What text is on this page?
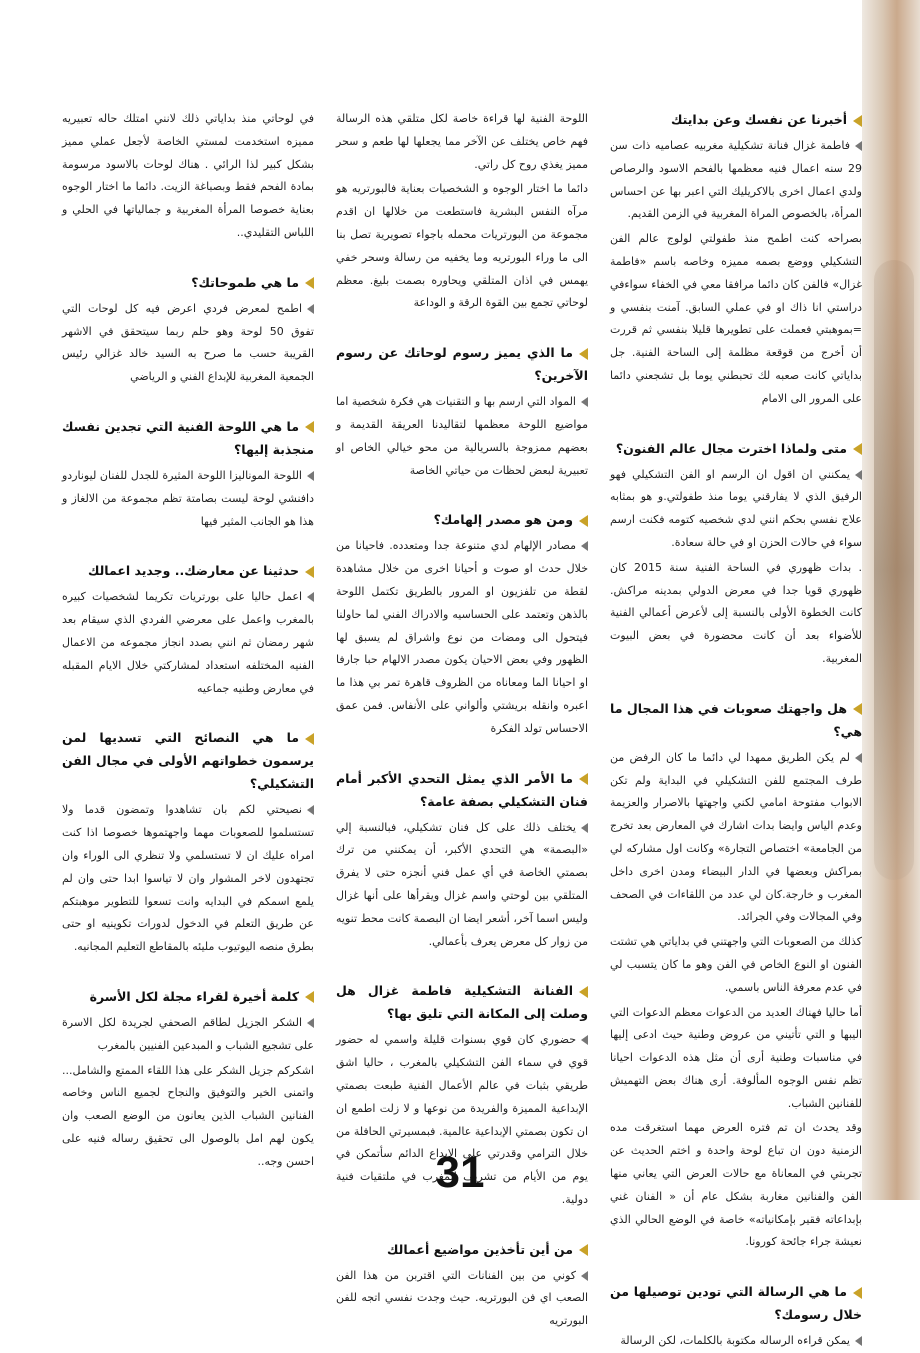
أخبرنا عن نفسك وعن بدايتك

فاطمة غزال فنانة تشكيلية مغربيه عصاميه ذات سن 29 سنه اعمال فنيه معظمها بالفحم الاسود والرصاص ولدي اعمال اخرى بالاكريليك التي اعبر بها عن احساس المرأة، بالخصوص المراة المغربية في الزمن القديم.

بصراحه كنت اطمح منذ طفولتي لولوج عالم الفن التشكيلي ووضع بصمه مميزه وخاصه باسم «فاطمة غزال» فالفن كان دائما مرافقا معي في الخفاء سواءفي دراستي انا ذاك او في عملي السابق. آمنت بنفسي و =بموهبتي فعملت على تطويرها قليلا بنفسي ثم قررت أن أخرج من قوقعة مظلمة إلى الساحة الفنية. جل بداياتي كانت صعبه لك تحبطني يوما بل تشجعني دائما على المرور الى الامام

متى ولماذا اخترت مجال عالم الفنون؟

يمكنني ان اقول ان الرسم او الفن التشكيلي فهو الرفيق الذي لا يفارقني يوما منذ طفولتي.و هو بمثابه علاج نفسي بحكم انني لدي شخصيه كتومه فكنت ارسم سواء في حالات الحزن او في حالة سعادة.

. بدات ظهوري في الساحة الفنية سنة 2015 كان ظهوري قويا جدا في معرض الدولي بمدينه مراكش. كانت الخطوة الأولى بالنسبة إلى لأعرض أعمالي الفنية للأضواء بعد أن كانت محضورة في بعض البيوت المغربية.

هل واجهتك صعوبات في هذا المجال ما هي؟

لم يكن الطريق ممهدا لي دائما ما كان الرفض من طرف المجتمع للفن التشكيلي في البداية ولم تكن الابواب مفتوحة امامي لكني واجهتها بالاصرار والعزيمة وعدم الياس وايضا بدات اشارك في المعارض بعد تخرج من الجامعة» اختصاص التجارة» وكانت اول مشاركه لي بمراكش وبعضها في الدار البيضاء ومدن اخرى داخل المغرب و خارجة.كان لي عدد من اللقاءات في الصحف وفي المجالات وفي الجرائد.

كذلك من الصعوبات التي واجهتني في بداياتي هي تشتت الفنون او النوع الخاص في الفن وهو ما كان يتسبب لي في عدم معرفة الناس باسمي.

أما حاليا فهناك العديد من الدعوات معظم الدعوات التي اليبها و التي تأتيني من عروض وطنية حيث ادعى إليها في مناسبات وطنية أرى أن مثل هذه الدعوات احيانا تظم نفس الوجوه المألوفة. أرى هناك بعض التهميش للفنانين الشباب.

وقد يحدث ان تم فتره العرض مهما استغرقت مده الزمنية دون ان تباع لوحة واحدة و اختم الحديث عن تجربتي في المعاناة مع حالات العرض التي يعاني منها الفن والفنانين مغاربة بشكل عام أن « الفنان غني بإبداعاته فقير بإمكانياته» خاصة في الوضع الحالي الذي نعيشة جراء جائحة كورونا.

ما هي الرسالة التي تودين توصيلها من خلال رسومك؟

يمكن قراءه الرساله مكتوبة بالكلمات، لكن الرسالة

اللوحة الفنية لها قراءة خاصة لكل متلقي هذه الرسالة فهم خاص يختلف عن الآخر مما يجعلها لها طعم و سحر مميز يغذي روح كل راتي.

دائما ما اختار الوجوه و الشخصيات بعناية فالبورتريه هو مرآه النفس البشرية فاستطعت من خلالها ان اقدم مجموعة من البورتريات محمله باجواء تصويرية تصل بنا الى ما وراء البورتريه وما يخفيه من رسالة وسحر خفي يهمس في اذان المتلقي ويحاوره بصمت بليغ. معظم لوحاتي تجمع بين القوة الرقة و الوداعة

ما الذي يميز رسوم لوحاتك عن رسوم الآخرين؟

المواد التي ارسم بها و التقنيات هي فكرة شخصية اما مواضيع اللوحة معظمها لتقاليدنا العريقة القديمة و بعضهم ممزوجة بالسريالية من محو خيالي الخاص او تعبيرية لبعض لحظات من حياتي الخاصة

ومن هو مصدر إلهامك؟

مصادر الإلهام لدي متنوعة جدا ومتعدده. فاحيانا من خلال حدث او صوت و أحيانا اخرى من خلال مشاهدة لقطة من تلفزيون او المرور بالطريق تكتمل اللوحة بالذهن وتعتمد على الحساسيه والادراك الفني لما حاولنا فيتحول الى ومضات من نوع واشراق لم يسبق لها الظهور وفي بعض الاحيان يكون مصدر الالهام حبا جارفا او احيانا الما ومعاناه من الظروف قاهرة تمر بي هذا ما اعبره وانقله بريشتي وألواني على الأنفاس. فمن عمق الاحساس تولد الفكرة

ما الأمر الذي يمثل التحدي الأكبر أمام فنان التشكيلي بصفة عامة؟

يختلف ذلك على كل فنان تشكيلي، فبالنسبة إلي «البصمة» هي التحدي الأكبر، أن يمكنني من ترك بصمتي الخاصة في أي عمل فني أنجزه حتى لا يفرق المتلقي بين لوحتي واسم غزال ويقرأها على أنها غزال وليس اسما آخر، أشعر ايضا ان البصمة كانت محط تنويه من زوار كل معرض يعرف بأعمالي.

الفنانة التشكيلية فاطمة غزال هل وصلت إلى المكانة التي تليق بها؟

حضوري كان قوي بسنوات قليلة واسمي له حضور قوي في سماء الفن التشكيلي بالمغرب ، حاليا اشق طريقي بثبات في عالم الأعمال الفنية طبعت بصمتي الإبداعية المميزة والفريدة من نوعها و لا زلت اطمع ان ان تكون بصمتي الإبداعية عالمية. فبمسيرتي الحافلة من خلال الترامي وقدرتي على الإبداع الدائم سأتمكن في يوم من الأيام من تشريف المغرب في ملتقيات فنية دولية.

من أين تأخذين مواضيع أعمالك

كوني من بين الفنانات التي اقتربن من هذا الفن الصعب اي فن البورتريه. حيث وجدت نفسي اتجه للفن البورتريه

في لوحاتي منذ بداياتي ذلك لانني امتلك حاله تعبيريه مميزه استخدمت لمستي الخاصة لأجعل عملي مميز بشكل كبير لذا الرائي . هناك لوحات بالاسود مرسومة بمادة الفحم فقط وبصباغة الزيت. دائما ما اختار الوجوه بعناية خصوصا المرأة المغربية و جمالياتها في الحلي و اللباس التقليدي..

ما هي طموحاتك؟

اطمح لمعرض فردي اعرض فيه كل لوحات التي تفوق 50 لوحة وهو حلم ربما سيتحقق في الاشهر القريبة حسب ما صرح به السيد خالد غزالي رئيس الجمعية المغربية للإبداع الفني و الرياضي

ما هي اللوحة الفنية التي تجدين نفسك منجذبة إليها؟

اللوحة الموناليزا اللوحة المثيرة للجدل للفنان ليوناردو دافنشي لوحة ليست بصامتة تظم مجموعة من الالغاز و هذا هو الجانب المثير فيها

حدثينا عن معارضك.. وجديد اعمالك

اعمل حاليا على بورتريات تكريما لشخصيات كبيره بالمغرب واعمل على معرضي الفردي الذي سيقام بعد شهر رمضان ثم انني بصدد انجاز مجموعه من الاعمال الفنيه المختلفه استعداد لمشاركتي خلال الايام المقبله في معارض وطنيه جماعيه

ما هي النصائح التي تسديها لمن يرسمون خطواتهم الأولى في مجال الفن التشكيلي؟

نصيحتي لكم بان تشاهدوا وتمضون قدما ولا تستسلموا للصعوبات مهما واجهتموها خصوصا اذا كنت امراه عليك ان لا تستسلمي ولا تنظري الى الوراء وان تجتهدون لاخر المشوار وان لا تياسوا ابدا حتى وان لم يلمع اسمكم في البدايه وانت تسعوا للتطوير موهبتكم عن طريق التعلم في الدخول لدورات تكوينيه او حتى بطرق منصه اليوتيوب مليئه بالمقاطع التعليم المجانيه.

كلمة أخيرة لقراء مجلة لكل الأسرة

الشكر الجزيل لطاقم الصحفي لجريدة لكل الاسرة على تشجيع الشباب و المبدعين الفنيين بالمغرب

اشكركم جزيل الشكر على هذا اللقاء الممتع والشامل... واتمنى الخير والتوفيق والنجاح لجميع الناس وخاصه الفنانين الشباب الذين يعانون من الوضع الصعب وان يكون لهم امل بالوصول الى تحقيق رساله فنيه على احسن وجه..	31
